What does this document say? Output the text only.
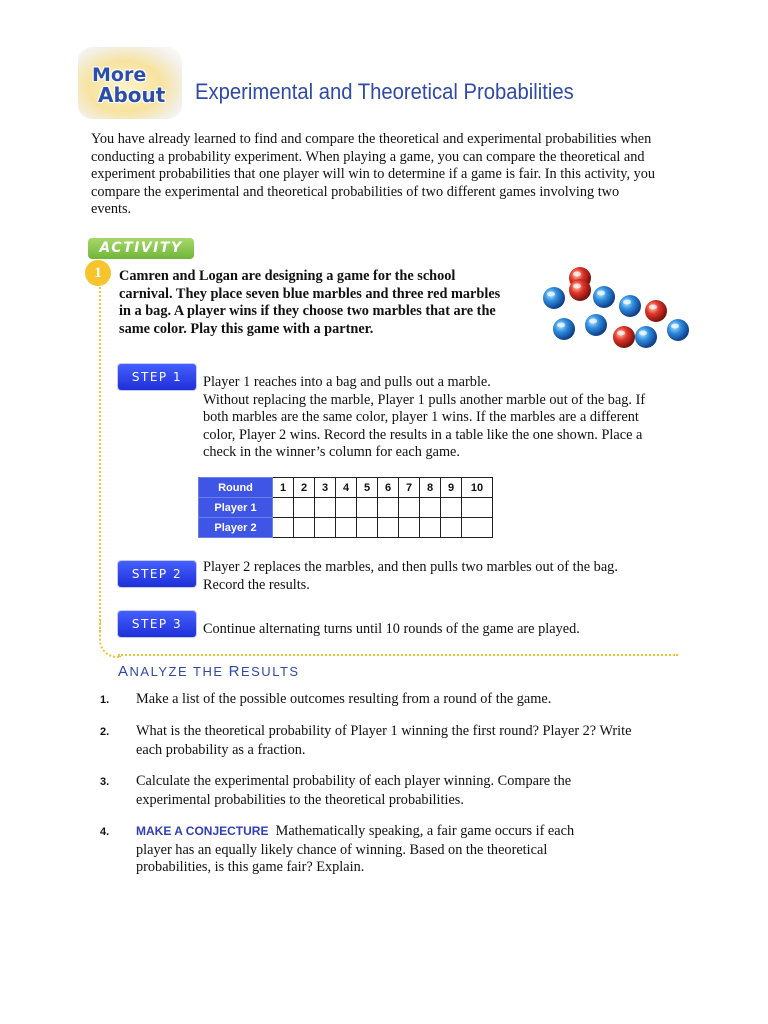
More
About Experimental and Theoretical Probabilities
You have already learned to find and compare the theoretical and experimental probabilities when conducting a probability experiment. When playing a game, you can compare the theoretical and experiment probabilities that one player will win to determine if a game is fair. In this activity, you compare the experimental and theoretical probabilities of two different games involving two events.
ACTIVITY
1	Camren and Logan are designing a game for the school carnival. They place seven blue marbles and three red marbles in a bag. A player wins if they choose two marbles that are the same color. Play this game with a partner.
STEP 1	Player 1 reaches into a bag and pulls out a marble.
Without replacing the marble, Player 1 pulls another marble out of the bag. If both marbles are the same color, player 1 wins. If the marbles are a different color, Player 2 wins. Record the results in a table like the one shown. Place a check in the winner’s column for each game.
Round	1	2	3	4	5	6	7	8	9	10
Player 1										
Player 2										
STEP 2	Player 2 replaces the marbles, and then pulls two marbles out of the bag. Record the results.
STEP 3	Continue alternating turns until 10 rounds of the game are played.
ANALYZE THE RESULTS
1. Make a list of the possible outcomes resulting from a round of the game.
2. What is the theoretical probability of Player 1 winning the first round? Player 2? Write each probability as a fraction.
3. Calculate the experimental probability of each player winning. Compare the experimental probabilities to the theoretical probabilities.
4. MAKE A CONJECTURE Mathematically speaking, a fair game occurs if each player has an equally likely chance of winning. Based on the theoretical probabilities, is this game fair? Explain.
